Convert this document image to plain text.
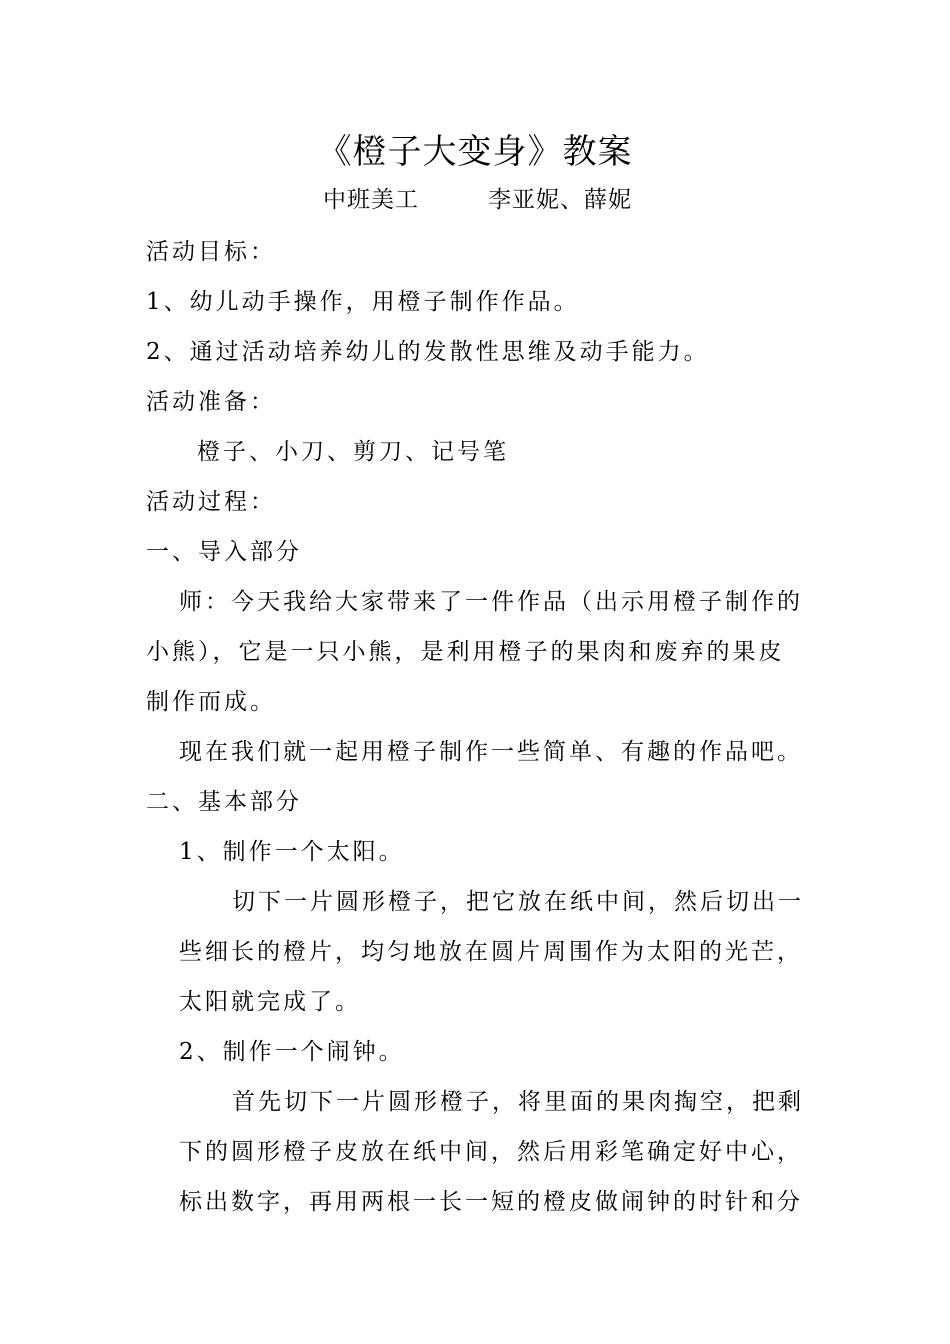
《橙子大变身》教案
中班美工	李亚妮、薛妮
活动目标：
1、幼儿动手操作，用橙子制作作品。
2、通过活动培养幼儿的发散性思维及动手能力。
活动准备：
橙子、小刀、剪刀、记号笔
活动过程：
一、导入部分
师：今天我给大家带来了一件作品（出示用橙子制作的
小熊），它是一只小熊，是利用橙子的果肉和废弃的果皮
制作而成。
现在我们就一起用橙子制作一些简单、有趣的作品吧。
二、基本部分
1、制作一个太阳。
切下一片圆形橙子，把它放在纸中间，然后切出一
些细长的橙片，均匀地放在圆片周围作为太阳的光芒，
太阳就完成了。
2、制作一个闹钟。
首先切下一片圆形橙子，将里面的果肉掏空，把剩
下的圆形橙子皮放在纸中间，然后用彩笔确定好中心，
标出数字，再用两根一长一短的橙皮做闹钟的时针和分
